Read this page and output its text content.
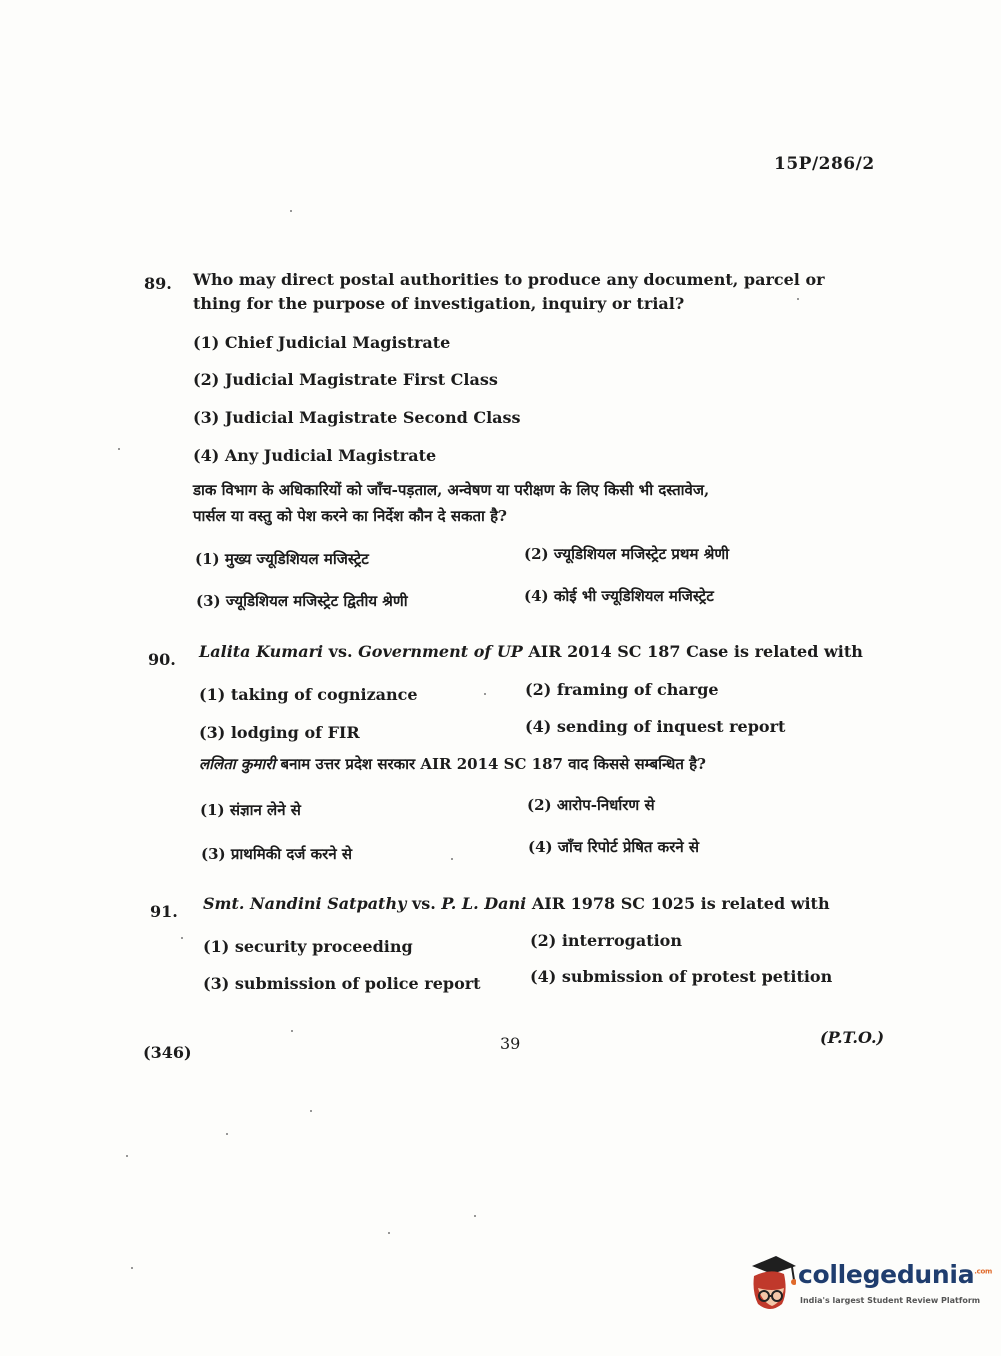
15P/286/2
89. Who may direct postal authorities to produce any document, parcel or thing for the purpose of investigation, inquiry or trial?
(1) Chief Judicial Magistrate
(2) Judicial Magistrate First Class
(3) Judicial Magistrate Second Class
(4) Any Judicial Magistrate
डाक विभाग के अधिकारियों को जाँच-पड़ताल, अन्वेषण या परीक्षण के लिए किसी भी दस्तावेज,
पार्सल या वस्तु को पेश करने का निर्देश कौन दे सकता है?
(1) मुख्य ज्यूडिशियल मजिस्ट्रेट	(2) ज्यूडिशियल मजिस्ट्रेट प्रथम श्रेणी
(3) ज्यूडिशियल मजिस्ट्रेट द्वितीय श्रेणी	(4) कोई भी ज्यूडिशियल मजिस्ट्रेट
90. Lalita Kumari vs. Government of UP AIR 2014 SC 187 Case is related with
(1) taking of cognizance	(2) framing of charge
(3) lodging of FIR	(4) sending of inquest report
ललिता कुमारी बनाम उत्तर प्रदेश सरकार AIR 2014 SC 187 वाद किससे सम्बन्धित है?
(1) संज्ञान लेने से	(2) आरोप-निर्धारण से
(3) प्राथमिकी दर्ज करने से	(4) जाँच रिपोर्ट प्रेषित करने से
91. Smt. Nandini Satpathy vs. P. L. Dani AIR 1978 SC 1025 is related with
(1) security proceeding	(2) interrogation
(3) submission of police report	(4) submission of protest petition
(346)	39	(P.T.O.)
collegedunia$^{.com}$
India's largest Student Review Platform
